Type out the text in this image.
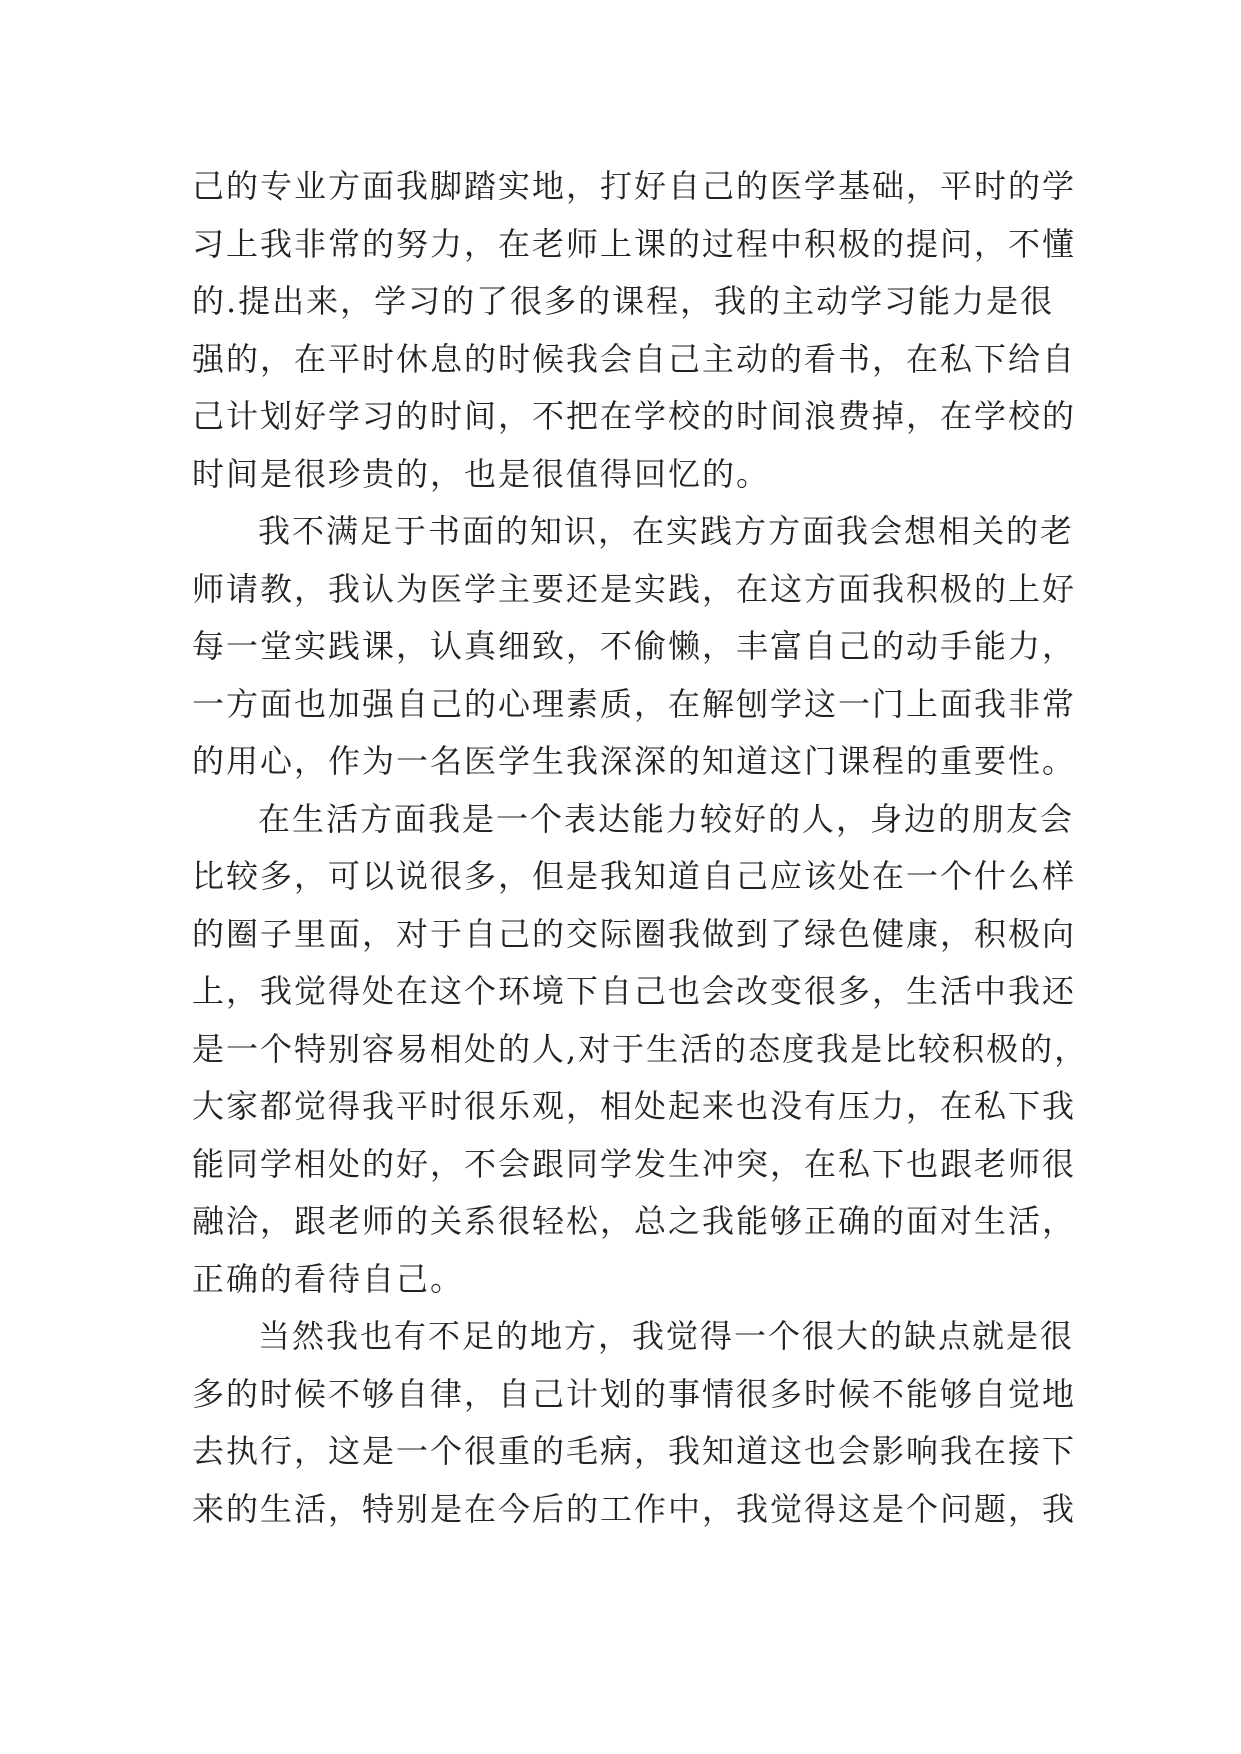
己的专业方面我脚踏实地，打好自己的医学基础，平时的学
习上我非常的努力，在老师上课的过程中积极的提问，不懂
的.提出来，学习的了很多的课程，我的主动学习能力是很
强的，在平时休息的时候我会自己主动的看书，在私下给自
己计划好学习的时间，不把在学校的时间浪费掉，在学校的
时间是很珍贵的，也是很值得回忆的。
我不满足于书面的知识，在实践方方面我会想相关的老
师请教，我认为医学主要还是实践，在这方面我积极的上好
每一堂实践课，认真细致，不偷懒，丰富自己的动手能力，
一方面也加强自己的心理素质，在解刨学这一门上面我非常
的用心，作为一名医学生我深深的知道这门课程的重要性。
在生活方面我是一个表达能力较好的人，身边的朋友会
比较多，可以说很多，但是我知道自己应该处在一个什么样
的圈子里面，对于自己的交际圈我做到了绿色健康，积极向
上，我觉得处在这个环境下自己也会改变很多，生活中我还
是一个特别容易相处的人,对于生活的态度我是比较积极的，
大家都觉得我平时很乐观，相处起来也没有压力，在私下我
能同学相处的好，不会跟同学发生冲突，在私下也跟老师很
融洽，跟老师的关系很轻松，总之我能够正确的面对生活，
正确的看待自己。
当然我也有不足的地方，我觉得一个很大的缺点就是很
多的时候不够自律，自己计划的事情很多时候不能够自觉地
去执行，这是一个很重的毛病，我知道这也会影响我在接下
来的生活，特别是在今后的工作中，我觉得这是个问题，我
